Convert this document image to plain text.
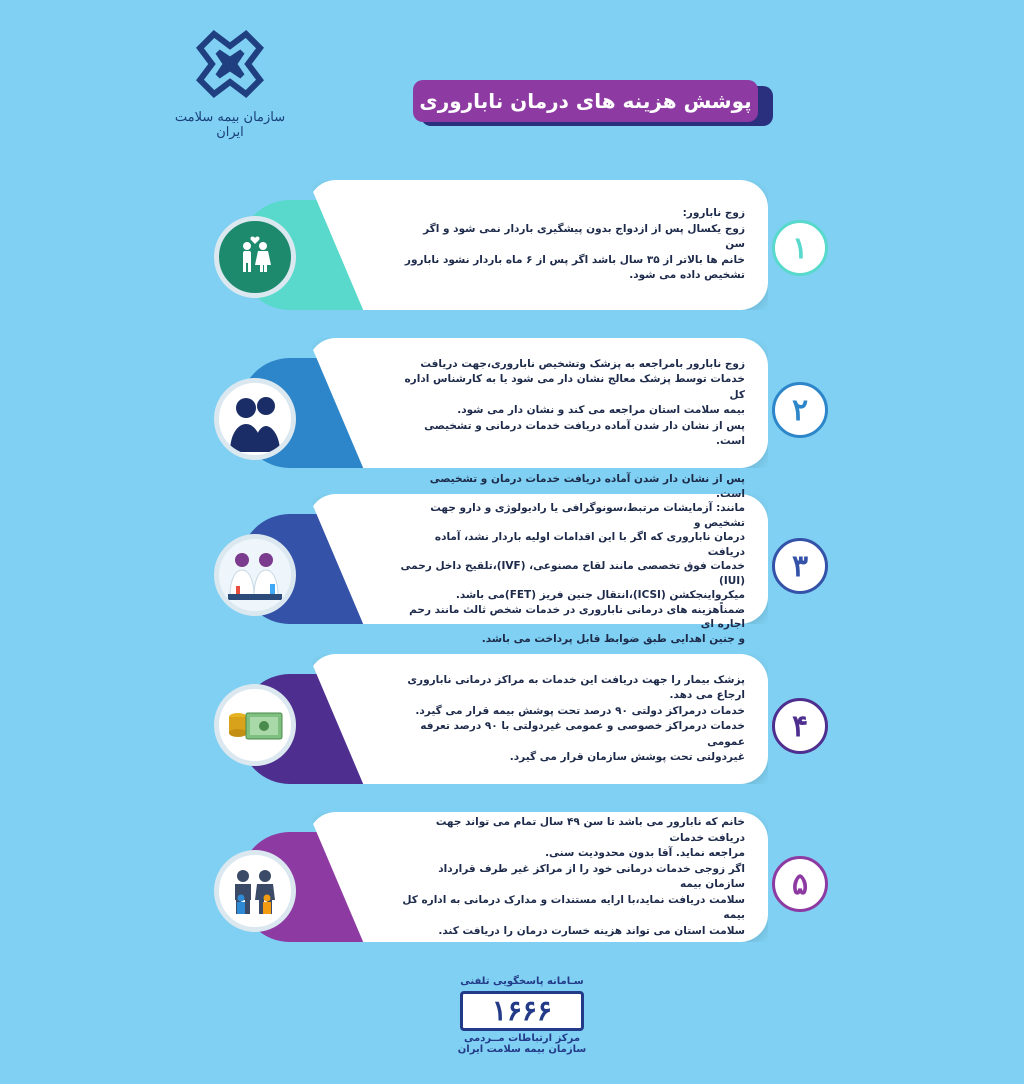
سازمان بیمه سلامت ایران
پوشش هزینه های درمان ناباروری

زوج نابارور:

زوج یکسال پس از ازدواج بدون پیشگیری باردار نمی شود و اگر سن

خانم ها بالاتر از ۳۵ سال باشد اگر پس از ۶ ماه باردار نشود نابارور

تشخیص داده می شود.

۱

زوج نابارور بامراجعه به پزشک وتشخیص ناباروری،جهت دریافت

خدمات توسط پزشک معالج نشان دار می شود یا به کارشناس اداره کل

بیمه سلامت استان مراجعه می کند و نشان دار می شود.

پس از نشان دار شدن آماده دریافت خدمات درمانی و تشخیصی است.

۲

پس از نشان دار شدن آماده دریافت خدمات درمان و تشخیصی است.

مانند: آزمایشات مرتبط،سونوگرافی یا رادیولوژی و دارو جهت تشخیص و

درمان ناباروری که اگر با این اقدامات اولیه باردار نشد، آماده دریافت

خدمات فوق تخصصی مانند لقاح مصنوعی، (IVF)،تلقیح داخل رحمی (IUI)

میکرواینجکشن (ICSI)،انتقال جنین فریز (FET)می باشد.

ضمناًهزینه های درمانی ناباروری در خدمات شخص ثالث مانند رحم اجاره ای

و جنین اهدایی طبق ضوابط قابل پرداخت می باشد.

۳

پزشک بیمار را جهت دریافت این خدمات به مراکز درمانی ناباروری

ارجاع می دهد.

خدمات درمراکز دولتی ۹۰ درصد تحت پوشش بیمه قرار می گیرد.

خدمات درمراکز خصوصی و عمومی غیردولتی با ۹۰ درصد تعرفه عمومی

غیردولتی تحت پوشش سازمان قرار می گیرد.

۴

خانم که نابارور می باشد تا سن ۴۹ سال تمام می تواند جهت دریافت خدمات

مراجعه نماید. آقا بدون محدودیت سنی.

اگر زوجی خدمات درمانی خود را از مراکز غیر طرف قرارداد سازمان بیمه

سلامت دریافت نماید،با ارایه مستندات و مدارک درمانی به اداره کل بیمه

سلامت استان می تواند هزینه خسارت درمان را دریافت کند.

۵
سـامانه پاسخگویی تلفنی
۱۶۶۶
مرکز ارتباطات مــردمی
سازمان بیمه سلامت ایران
